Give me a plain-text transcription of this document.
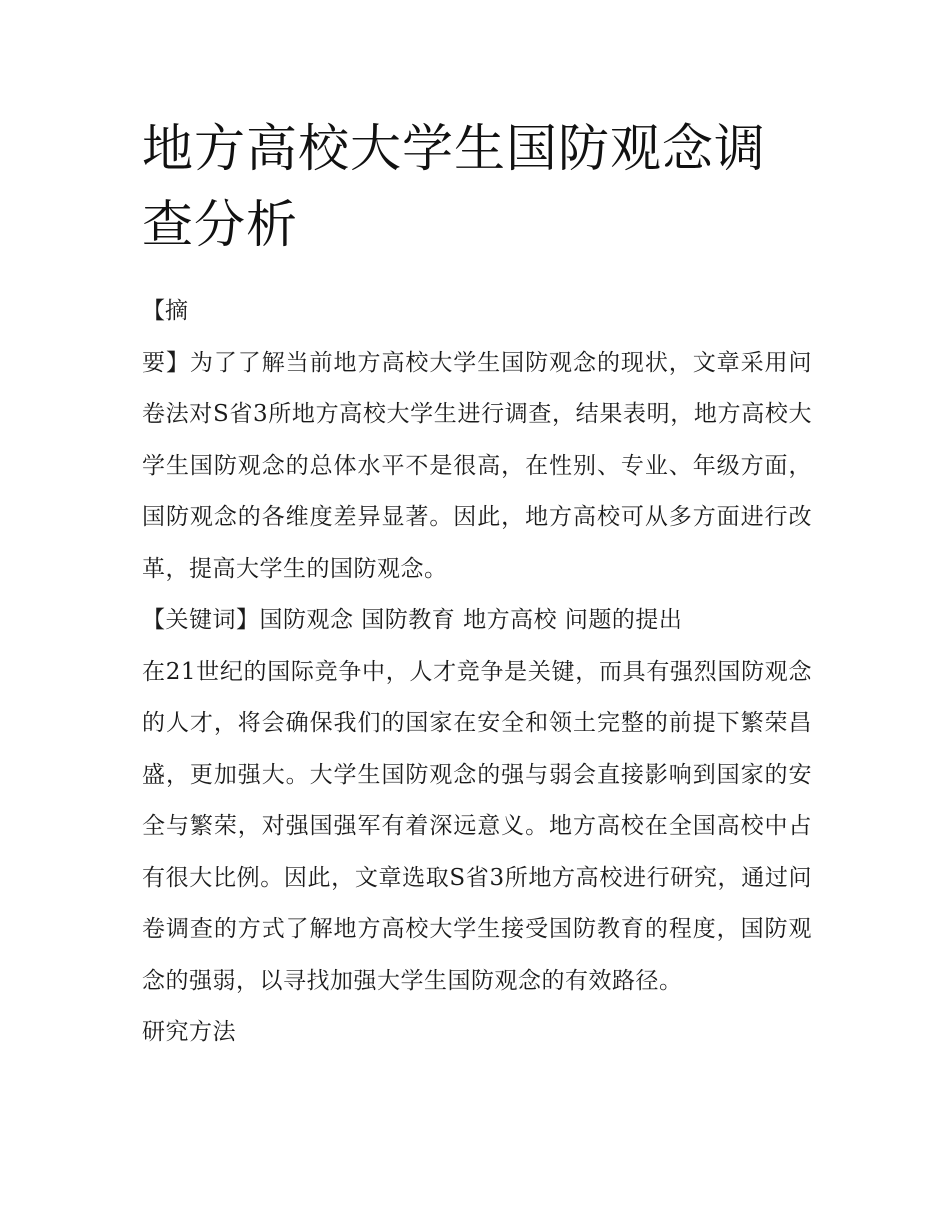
地方高校大学生国防观念调查分析

【摘

要】为了了解当前地方高校大学生国防观念的现状，文章采用问卷法对S省3所地方高校大学生进行调查，结果表明，地方高校大学生国防观念的总体水平不是很高，在性别、专业、年级方面，国防观念的各维度差异显著。因此，地方高校可从多方面进行改革，提高大学生的国防观念。

【关键词】国防观念 国防教育 地方高校 问题的提出

在21世纪的国际竞争中，人才竞争是关键，而具有强烈国防观念的人才，将会确保我们的国家在安全和领土完整的前提下繁荣昌盛，更加强大。大学生国防观念的强与弱会直接影响到国家的安全与繁荣，对强国强军有着深远意义。地方高校在全国高校中占有很大比例。因此，文章选取S省3所地方高校进行研究，通过问卷调查的方式了解地方高校大学生接受国防教育的程度，国防观念的强弱，以寻找加强大学生国防观念的有效路径。

研究方法
